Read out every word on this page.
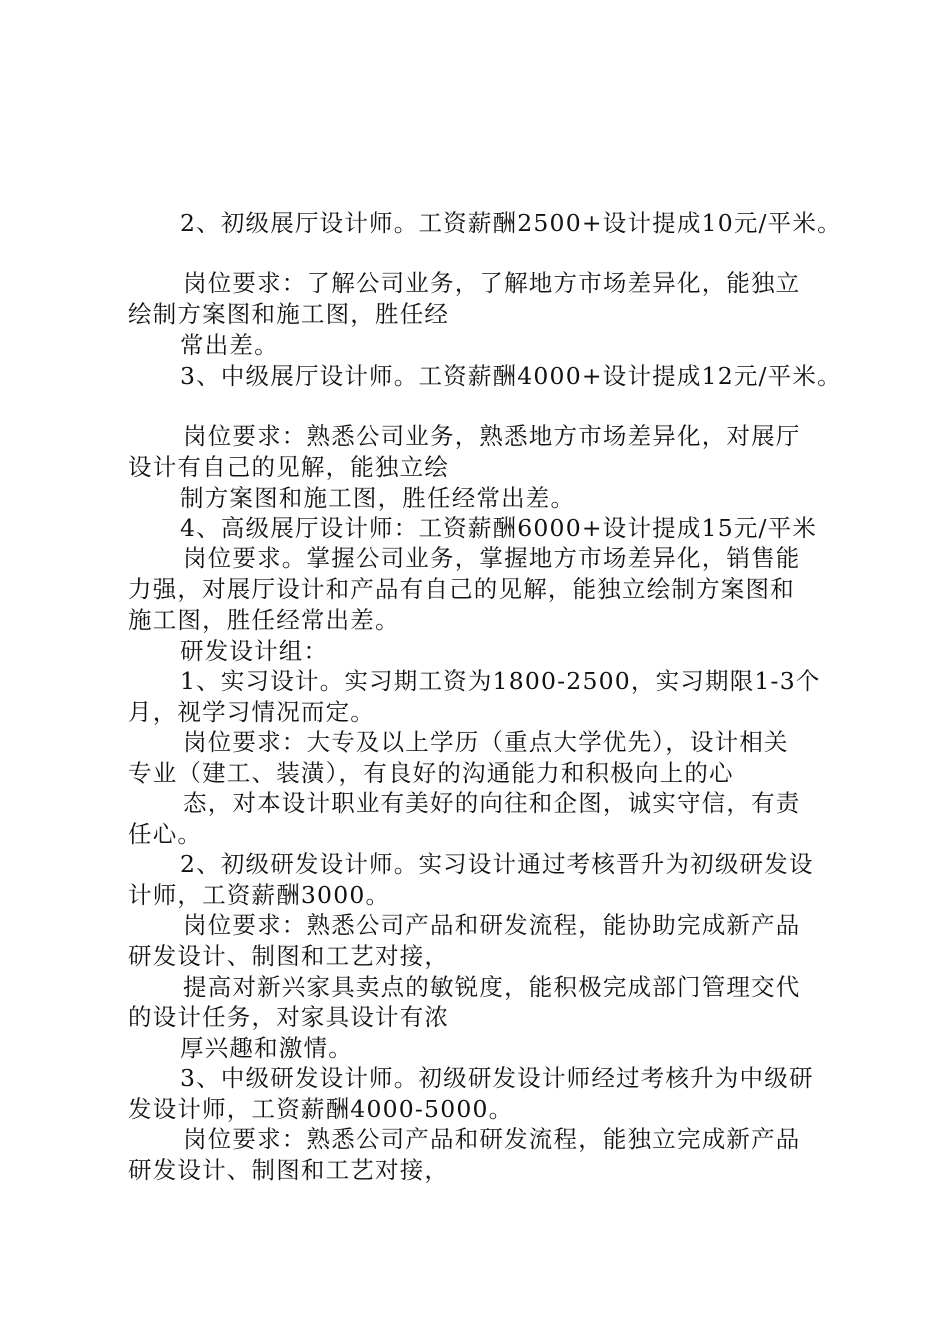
2、初级展厅设计师。工资薪酬2500+设计提成10元/平米。
岗位要求：了解公司业务，了解地方市场差异化，能独立
绘制方案图和施工图，胜任经
常出差。
3、中级展厅设计师。工资薪酬4000+设计提成12元/平米。
岗位要求：熟悉公司业务，熟悉地方市场差异化，对展厅
设计有自己的见解，能独立绘
制方案图和施工图，胜任经常出差。
4、高级展厅设计师：工资薪酬6000+设计提成15元/平米
岗位要求。掌握公司业务，掌握地方市场差异化，销售能
力强，对展厅设计和产品有自己的见解，能独立绘制方案图和
施工图，胜任经常出差。
研发设计组：
1、实习设计。实习期工资为1800-2500，实习期限1-3个
月，视学习情况而定。
岗位要求：大专及以上学历（重点大学优先），设计相关
专业（建工、装潢），有良好的沟通能力和积极向上的心
态，对本设计职业有美好的向往和企图，诚实守信，有责
任心。
2、初级研发设计师。实习设计通过考核晋升为初级研发设
计师，工资薪酬3000。
岗位要求：熟悉公司产品和研发流程，能协助完成新产品
研发设计、制图和工艺对接，
提高对新兴家具卖点的敏锐度，能积极完成部门管理交代
的设计任务，对家具设计有浓
厚兴趣和激情。
3、中级研发设计师。初级研发设计师经过考核升为中级研
发设计师，工资薪酬4000-5000。
岗位要求：熟悉公司产品和研发流程，能独立完成新产品
研发设计、制图和工艺对接，
